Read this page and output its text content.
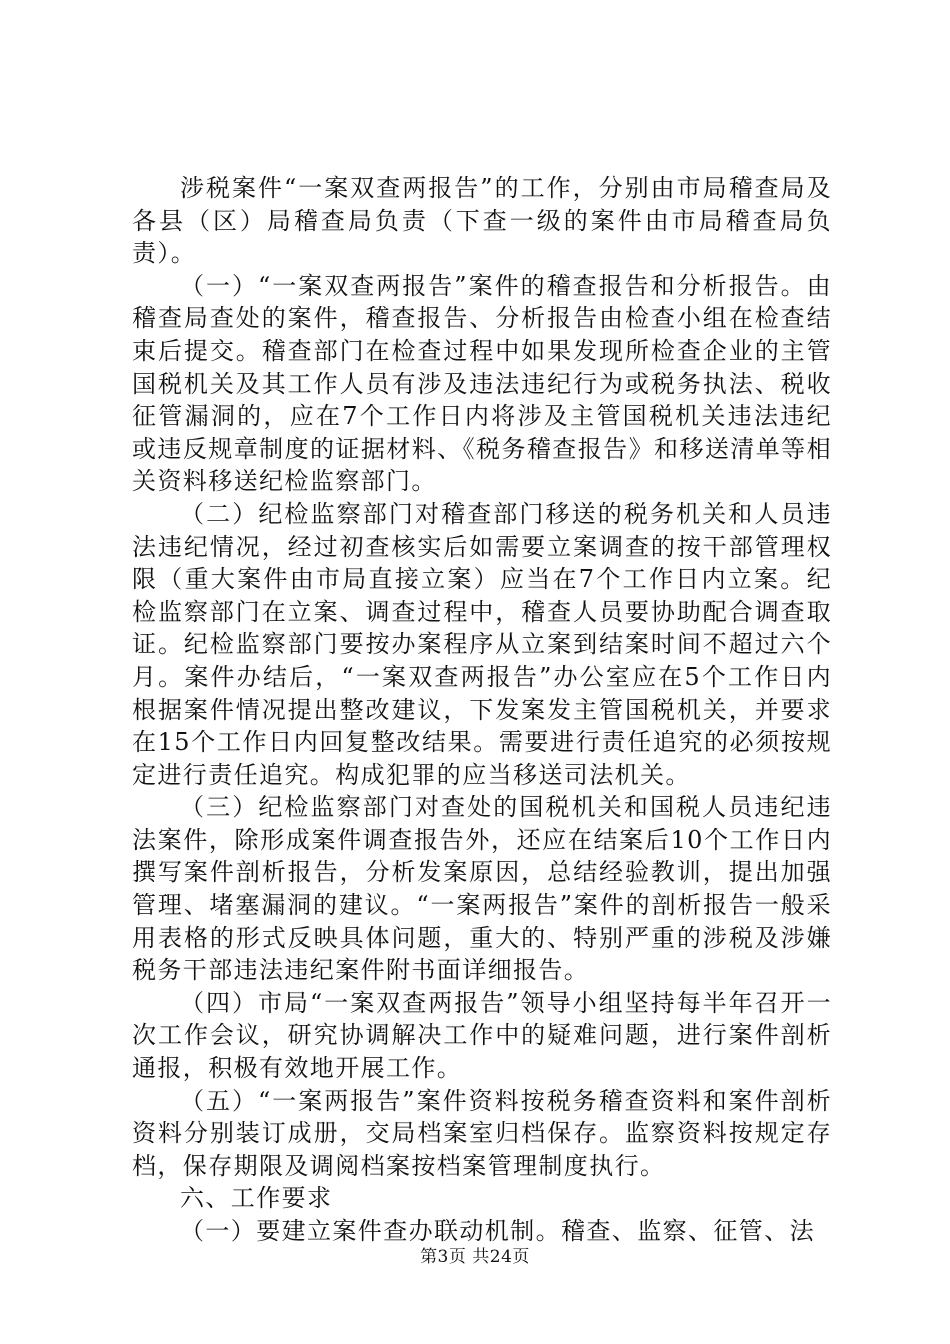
涉税案件“一案双查两报告”的工作，分别由市局稽查局及各县（区）局稽查局负责（下查一级的案件由市局稽查局负责）。

（一）“一案双查两报告”案件的稽查报告和分析报告。由稽查局查处的案件，稽查报告、分析报告由检查小组在检查结束后提交。稽查部门在检查过程中如果发现所检查企业的主管国税机关及其工作人员有涉及违法违纪行为或税务执法、税收征管漏洞的，应在7个工作日内将涉及主管国税机关违法违纪或违反规章制度的证据材料、《税务稽查报告》和移送清单等相关资料移送纪检监察部门。

（二）纪检监察部门对稽查部门移送的税务机关和人员违法违纪情况，经过初查核实后如需要立案调查的按干部管理权限（重大案件由市局直接立案）应当在7个工作日内立案。纪检监察部门在立案、调查过程中，稽查人员要协助配合调查取证。纪检监察部门要按办案程序从立案到结案时间不超过六个月。案件办结后，“一案双查两报告”办公室应在5个工作日内根据案件情况提出整改建议，下发案发主管国税机关，并要求在15个工作日内回复整改结果。需要进行责任追究的必须按规定进行责任追究。构成犯罪的应当移送司法机关。

（三）纪检监察部门对查处的国税机关和国税人员违纪违法案件，除形成案件调查报告外，还应在结案后10个工作日内撰写案件剖析报告，分析发案原因，总结经验教训，提出加强管理、堵塞漏洞的建议。“一案两报告”案件的剖析报告一般采用表格的形式反映具体问题，重大的、特别严重的涉税及涉嫌税务干部违法违纪案件附书面详细报告。

（四）市局“一案双查两报告”领导小组坚持每半年召开一次工作会议，研究协调解决工作中的疑难问题，进行案件剖析通报，积极有效地开展工作。

（五）“一案两报告”案件资料按税务稽查资料和案件剖析资料分别装订成册，交局档案室归档保存。监察资料按规定存档，保存期限及调阅档案按档案管理制度执行。

六、工作要求

（一）要建立案件查办联动机制。稽查、监察、征管、法

第3页 共24页
